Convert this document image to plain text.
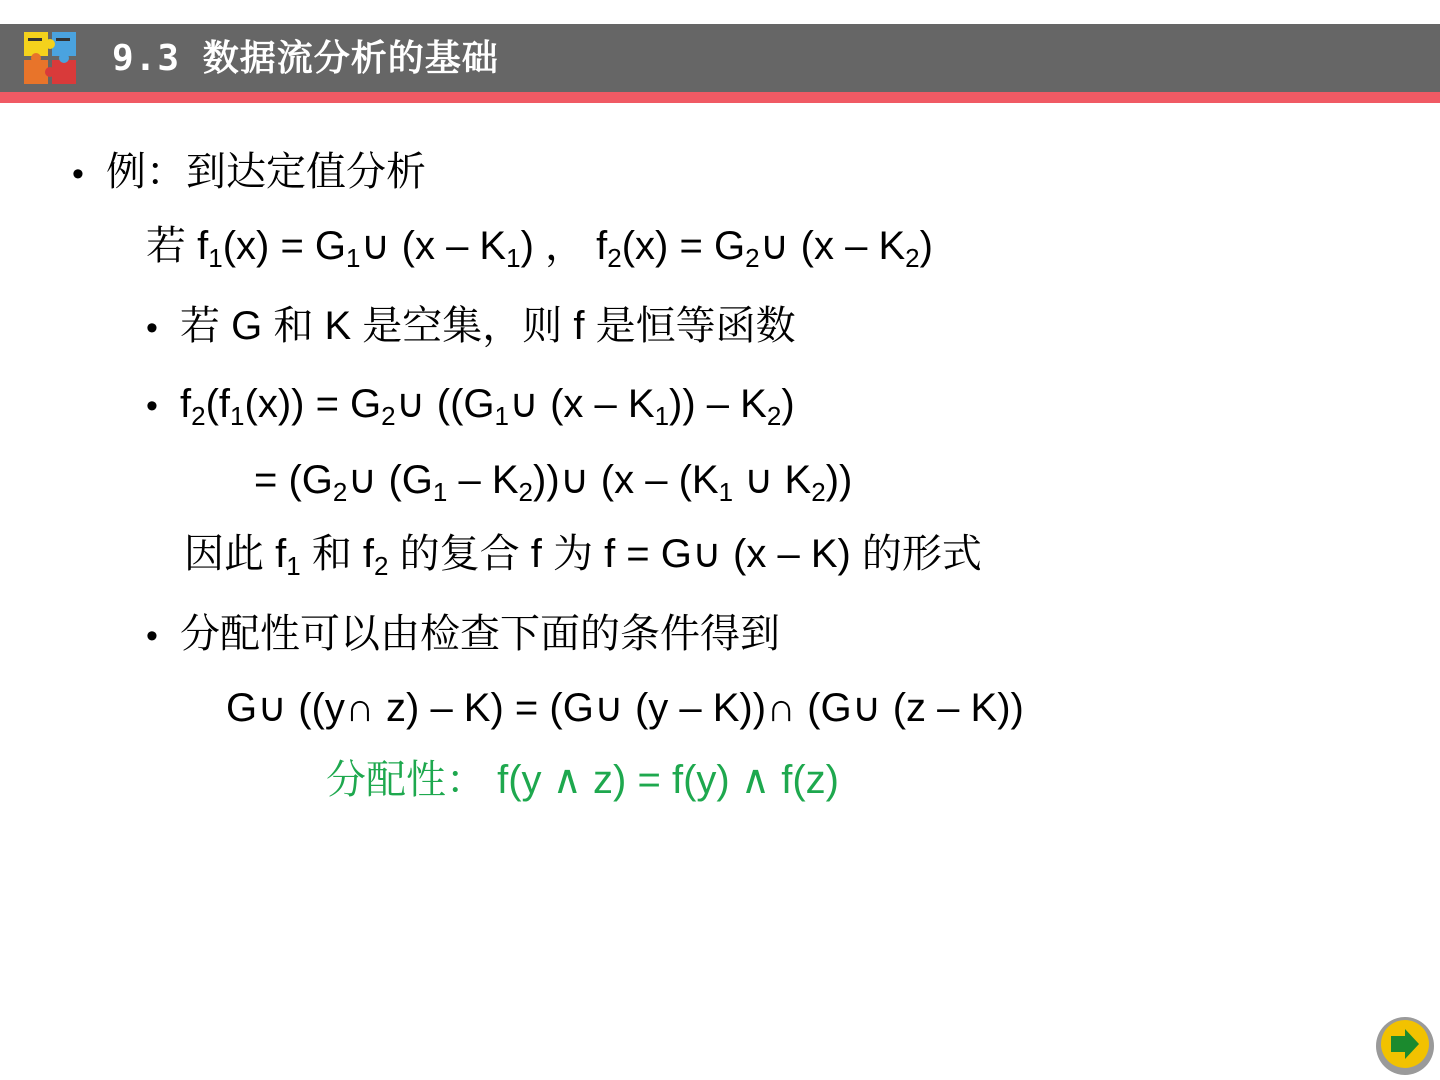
9.3 数据流分析的基础
• 例：到达定值分析
若 $f_1(x)$ = $G_1\cup$ $(x - K_1)$ ， $f_2(x)$ = $G_2\cup$ $(x - K_2)$
• 若 G 和 K 是空集，则 f 是恒等函数
• $f_2(f_1(x))$ = $G_2\cup$ (($G_1\cup$ $(x - K_1)) - K_2$)
= ($G_2\cup$ ($G_1$ – $K_2))\cup$ ($x - (K_1$ ∪ $K_2$))
因此 $f_1$ 和 $f_2$ 的复合 f 为 f = G∪ (x – K) 的形式
• 分配性可以由检查下面的条件得到
G∪ ((y∩ z) – K) = (G∪ (y – K))∩ (G∪ (z – K))
分配性： f(y ∧ z) = f(y) ∧ f(z)
